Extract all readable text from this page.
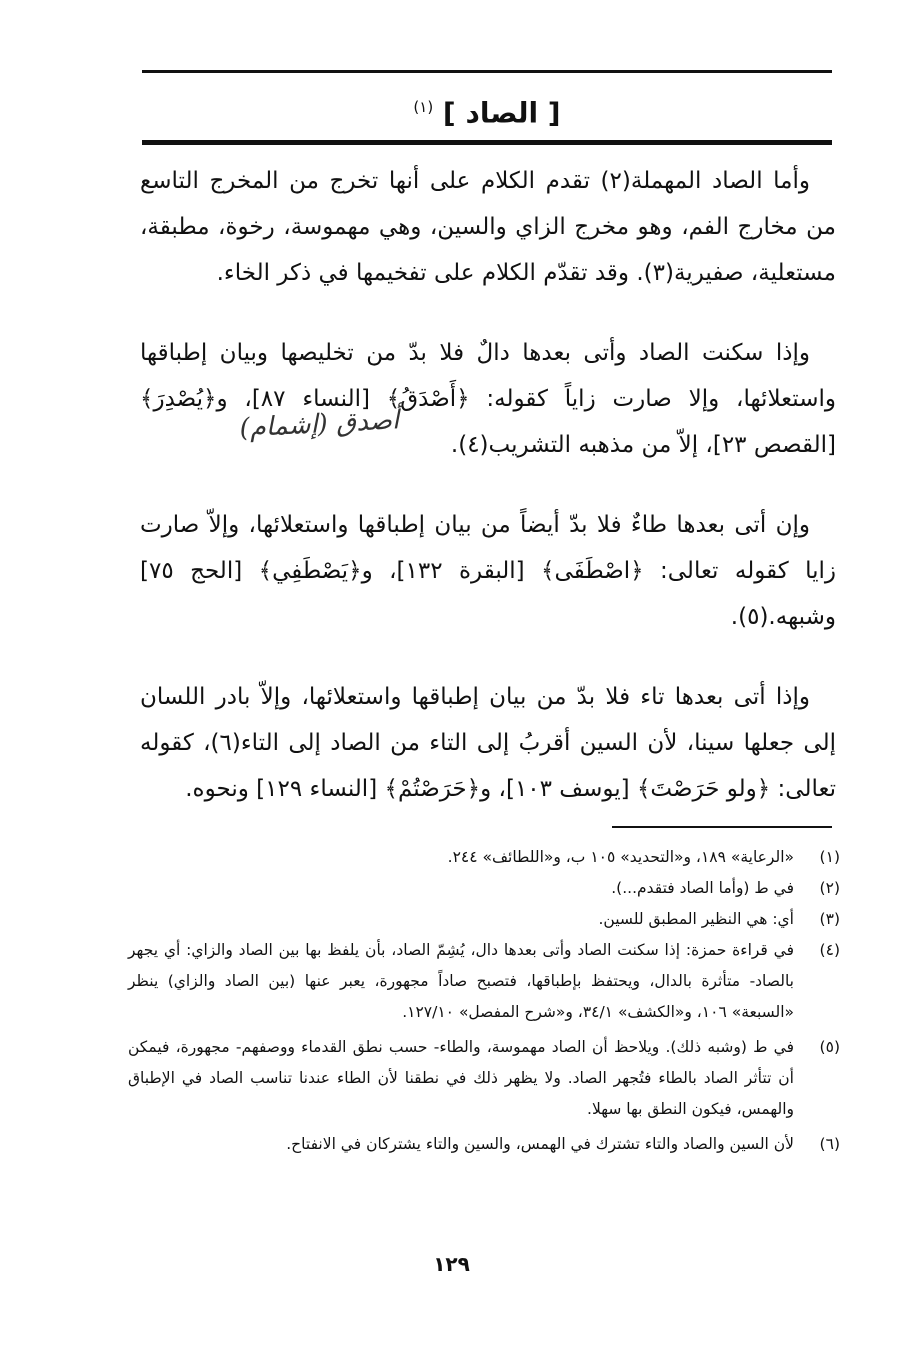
[ الصاد ] $^{(١)}$

وأما الصاد المهملة(٢) تقدم الكلام على أنها تخرج من المخرج التاسع من مخارج الفم، وهو مخرج الزاي والسين، وهي مهموسة، رخوة، مطبقة، مستعلية، صفيرية(٣). وقد تقدّم الكلام على تفخيمها في ذكر الخاء.

وإذا سكنت الصاد وأتى بعدها دالٌ فلا بدّ من تخليصها وبيان إطباقها واستعلائها، وإلا صارت زاياً كقوله: ﴿أَصْدَقُ﴾ [النساء ٨٧]، و﴿يُصْدِرَ﴾ [القصص ٢٣]، إلاّ من مذهبه التشريب(٤).

وإن أتى بعدها طاءٌ فلا بدّ أيضاً من بيان إطباقها واستعلائها، وإلاّ صارت زايا كقوله تعالى: ﴿اصْطَفَى﴾ [البقرة ١٣٢]، و﴿يَصْطَفِي﴾ [الحج ٧٥] وشبهه.(٥).

وإذا أتى بعدها تاء فلا بدّ من بيان إطباقها واستعلائها، وإلاّ بادر اللسان إلى جعلها سينا، لأن السين أقربُ إلى التاء من الصاد إلى التاء(٦)، كقوله تعالى: ﴿ولو حَرَصْتَ﴾ [يوسف ١٠٣]، و﴿حَرَصْتُمْ﴾ [النساء ١٢٩] ونحوه.

أصدق (إشمام)
(١)
«الرعاية» ١٨٩، و«التحديد» ١٠٥ ب، و«اللطائف» ٢٤٤.
(٢)
في ط (وأما الصاد فتقدم...).
(٣)
أي: هي النظير المطبق للسين.
(٤)
في قراءة حمزة: إذا سكنت الصاد وأتى بعدها دال، يُشِمّ الصاد، بأن يلفظ بها بين الصاد والزاي: أي يجهر بالصاد- متأثرة بالدال، ويحتفظ بإطباقها، فتصبح صاداً مجهورة، يعبر عنها (بين الصاد والزاي) ينظر «السبعة» ١٠٦، و«الكشف» ٣٤/١، و«شرح المفصل» ١٢٧/١٠.
(٥)
في ط (وشبه ذلك). ويلاحظ أن الصاد مهموسة، والطاء- حسب نطق القدماء ووصفهم- مجهورة، فيمكن أن تتأثر الصاد بالطاء فتُجهر الصاد. ولا يظهر ذلك في نطقنا لأن الطاء عندنا تناسب الصاد في الإطباق والهمس، فيكون النطق بها سهلا.
(٦)
لأن السين والصاد والتاء تشترك في الهمس، والسين والتاء يشتركان في الانفتاح.
١٢٩
